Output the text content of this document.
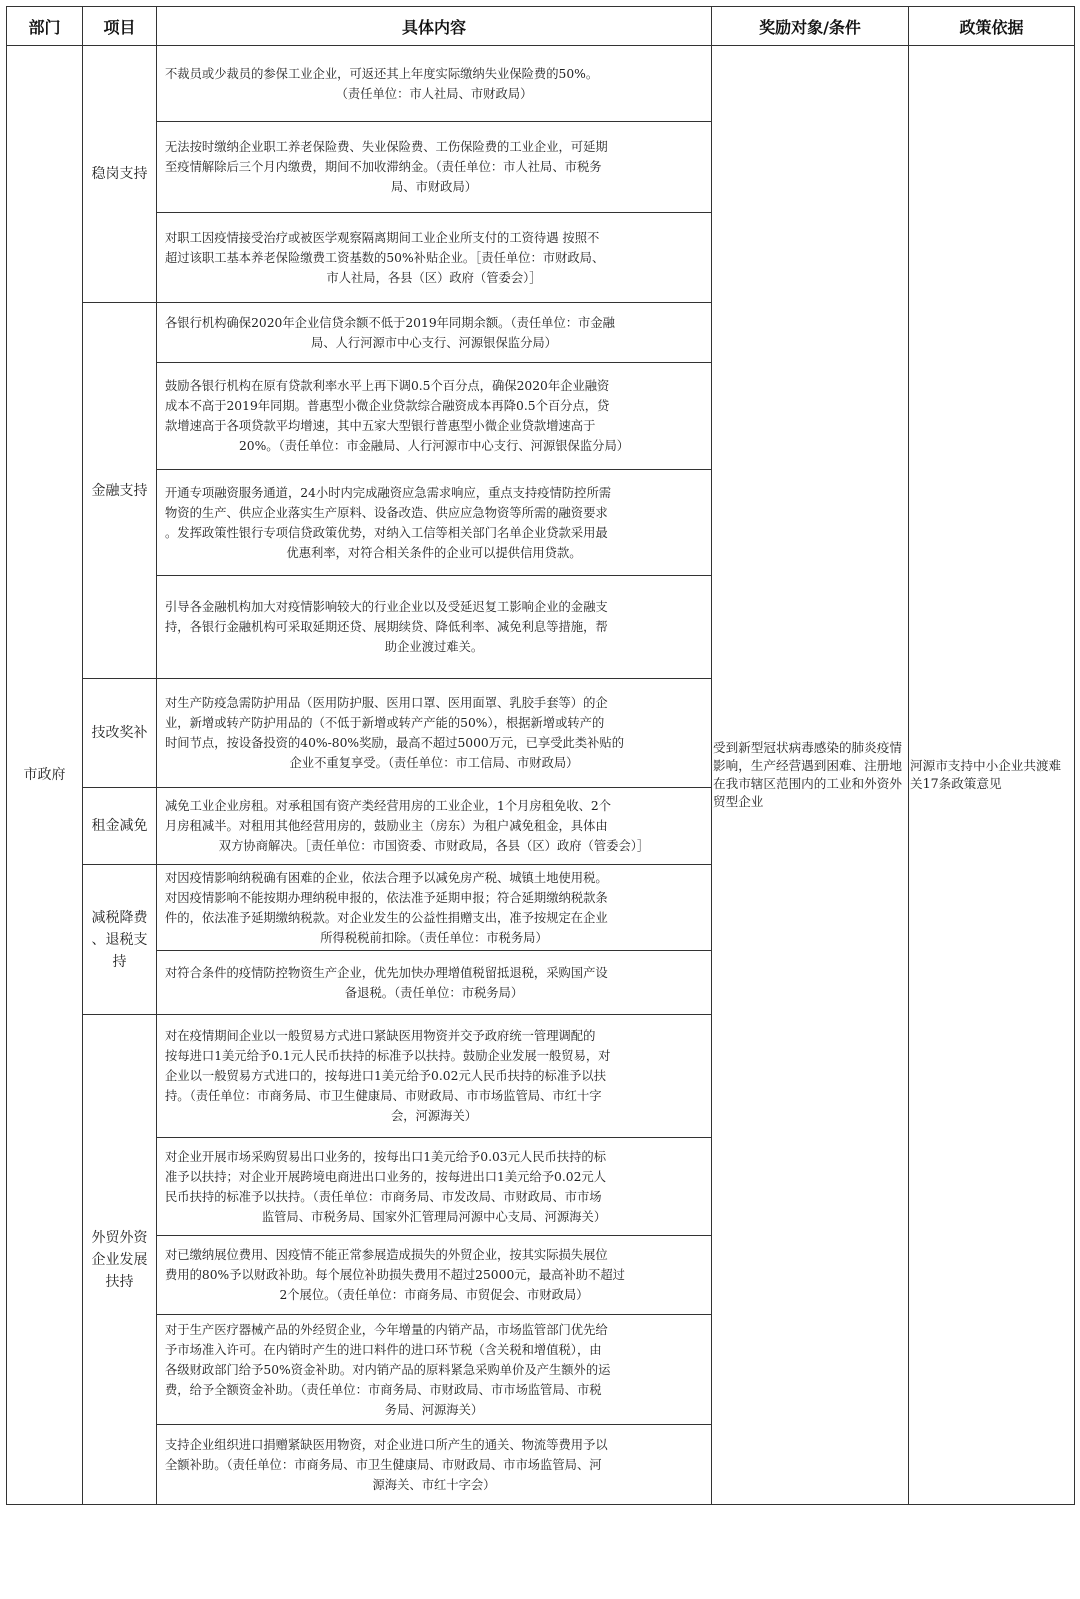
部门	项目	具体内容	奖励对象/条件	政策依据
市政府	稳岗支持	不裁员或少裁员的参保工业企业，可返还其上年度实际缴纳失业保险费的50%。
（责任单位：市人社局、市财政局）	受到新型冠状病毒感染的肺炎疫情影响，生产经营遇到困难、注册地在我市辖区范围内的工业和外资外贸型企业	河源市支持中小企业共渡难关17条政策意见

		无法按时缴纳企业职工养老保险费、失业保险费、工伤保险费的工业企业，可延期
至疫情解除后三个月内缴费，期间不加收滞纳金。（责任单位：市人社局、市税务
局、市财政局）		

		对职工因疫情接受治疗或被医学观察隔离期间工业企业所支付的工资待遇 按照不
超过该职工基本养老保险缴费工资基数的50%补贴企业。［责任单位：市财政局、
市人社局，各县（区）政府（管委会）］		

	金融支持	各银行机构确保2020年企业信贷余额不低于2019年同期余额。（责任单位：市金融
局、人行河源市中心支行、河源银保监分局）		

		鼓励各银行机构在原有贷款利率水平上再下调0.5个百分点，确保2020年企业融资
成本不高于2019年同期。普惠型小微企业贷款综合融资成本再降0.5个百分点，贷
款增速高于各项贷款平均增速，其中五家大型银行普惠型小微企业贷款增速高于
20%。（责任单位：市金融局、人行河源市中心支行、河源银保监分局）		

		开通专项融资服务通道，24小时内完成融资应急需求响应，重点支持疫情防控所需
物资的生产、供应企业落实生产原料、设备改造、供应应急物资等所需的融资要求
。发挥政策性银行专项信贷政策优势，对纳入工信等相关部门名单企业贷款采用最
优惠利率，对符合相关条件的企业可以提供信用贷款。		

		引导各金融机构加大对疫情影响较大的行业企业以及受延迟复工影响企业的金融支
持，各银行金融机构可采取延期还贷、展期续贷、降低利率、减免利息等措施，帮
助企业渡过难关。		

	技改奖补	对生产防疫急需防护用品（医用防护服、医用口罩、医用面罩、乳胶手套等）的企
业，新增或转产防护用品的（不低于新增或转产产能的50%），根据新增或转产的
时间节点，按设备投资的40%-80%奖励，最高不超过5000万元，已享受此类补贴的
企业不重复享受。（责任单位：市工信局、市财政局）		

	租金减免	减免工业企业房租。对承租国有资产类经营用房的工业企业，1个月房租免收、2个
月房租减半。对租用其他经营用房的，鼓励业主（房东）为租户减免租金，具体由
双方协商解决。［责任单位：市国资委、市财政局，各县（区）政府（管委会）］		

	减税降费
、退税支
持	对因疫情影响纳税确有困难的企业，依法合理予以减免房产税、城镇土地使用税。
对因疫情影响不能按期办理纳税申报的，依法准予延期申报；符合延期缴纳税款条
件的，依法准予延期缴纳税款。对企业发生的公益性捐赠支出，准予按规定在企业
所得税税前扣除。（责任单位：市税务局）		

		对符合条件的疫情防控物资生产企业，优先加快办理增值税留抵退税，采购国产设
备退税。（责任单位：市税务局）		

	外贸外资
企业发展
扶持	对在疫情期间企业以一般贸易方式进口紧缺医用物资并交予政府统一管理调配的
按每进口1美元给予0.1元人民币扶持的标准予以扶持。鼓励企业发展一般贸易，对
企业以一般贸易方式进口的，按每进口1美元给予0.02元人民币扶持的标准予以扶
持。（责任单位：市商务局、市卫生健康局、市财政局、市市场监管局、市红十字
会，河源海关）		

		对企业开展市场采购贸易出口业务的，按每出口1美元给予0.03元人民币扶持的标
准予以扶持；对企业开展跨境电商进出口业务的，按每进出口1美元给予0.02元人
民币扶持的标准予以扶持。（责任单位：市商务局、市发改局、市财政局、市市场
监管局、市税务局、国家外汇管理局河源中心支局、河源海关）		

		对已缴纳展位费用、因疫情不能正常参展造成损失的外贸企业，按其实际损失展位
费用的80%予以财政补助。每个展位补助损失费用不超过25000元，最高补助不超过
2个展位。（责任单位：市商务局、市贸促会、市财政局）		

		对于生产医疗器械产品的外经贸企业，今年增量的内销产品，市场监管部门优先给
予市场准入许可。在内销时产生的进口料件的进口环节税（含关税和增值税），由
各级财政部门给予50%资金补助。对内销产品的原料紧急采购单价及产生额外的运
费，给予全额资金补助。（责任单位：市商务局、市财政局、市市场监管局、市税
务局、河源海关）		

		支持企业组织进口捐赠紧缺医用物资，对企业进口所产生的通关、物流等费用予以
全额补助。（责任单位：市商务局、市卫生健康局、市财政局、市市场监管局、河
源海关、市红十字会）		
